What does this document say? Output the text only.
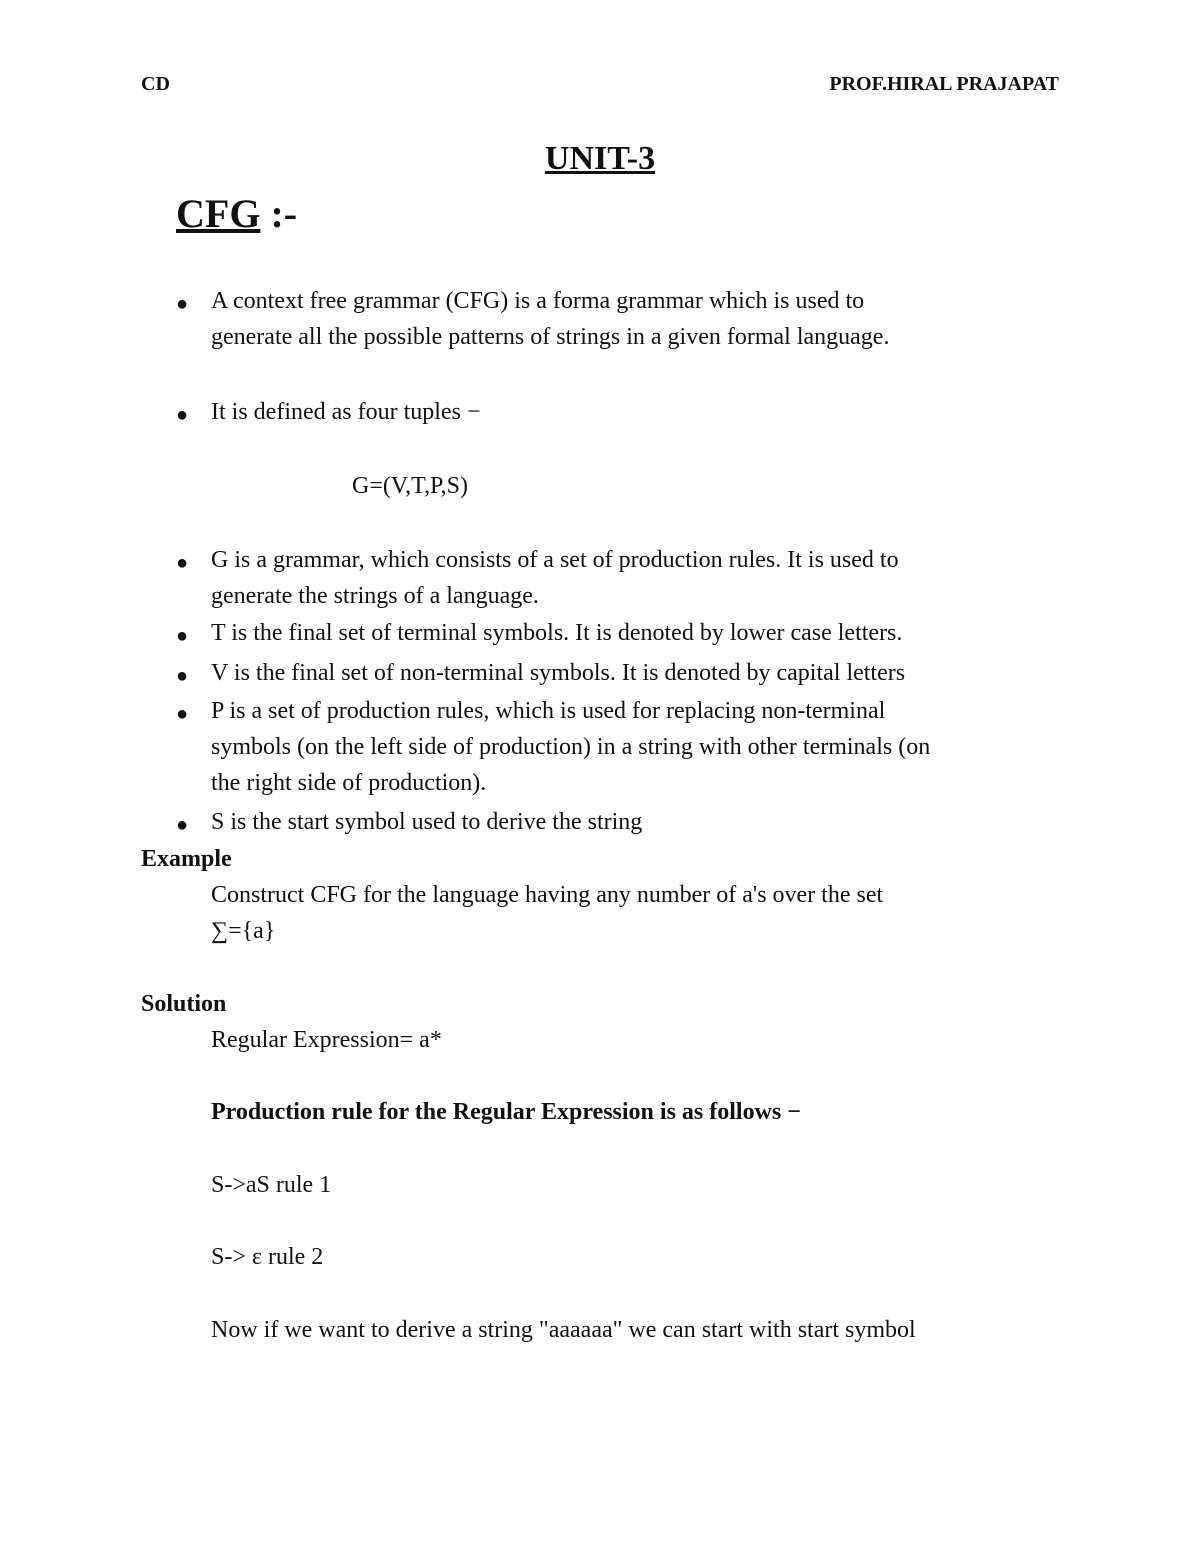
CD	PROF.HIRAL PRAJAPAT
UNIT-3
CFG :-
● A context free grammar (CFG) is a forma grammar which is used to
generate all the possible patterns of strings in a given formal language.
● It is defined as four tuples −
G=(V,T,P,S)
● G is a grammar, which consists of a set of production rules. It is used to
generate the strings of a language.
● T is the final set of terminal symbols. It is denoted by lower case letters.
● V is the final set of non-terminal symbols. It is denoted by capital letters
● P is a set of production rules, which is used for replacing non-terminal
symbols (on the left side of production) in a string with other terminals (on
the right side of production).
● S is the start symbol used to derive the string
Example
Construct CFG for the language having any number of a's over the set
∑={a}
Solution
Regular Expression= a*
Production rule for the Regular Expression is as follows −
S->aS rule 1
S-> ε rule 2
Now if we want to derive a string "aaaaaa" we can start with start symbol
